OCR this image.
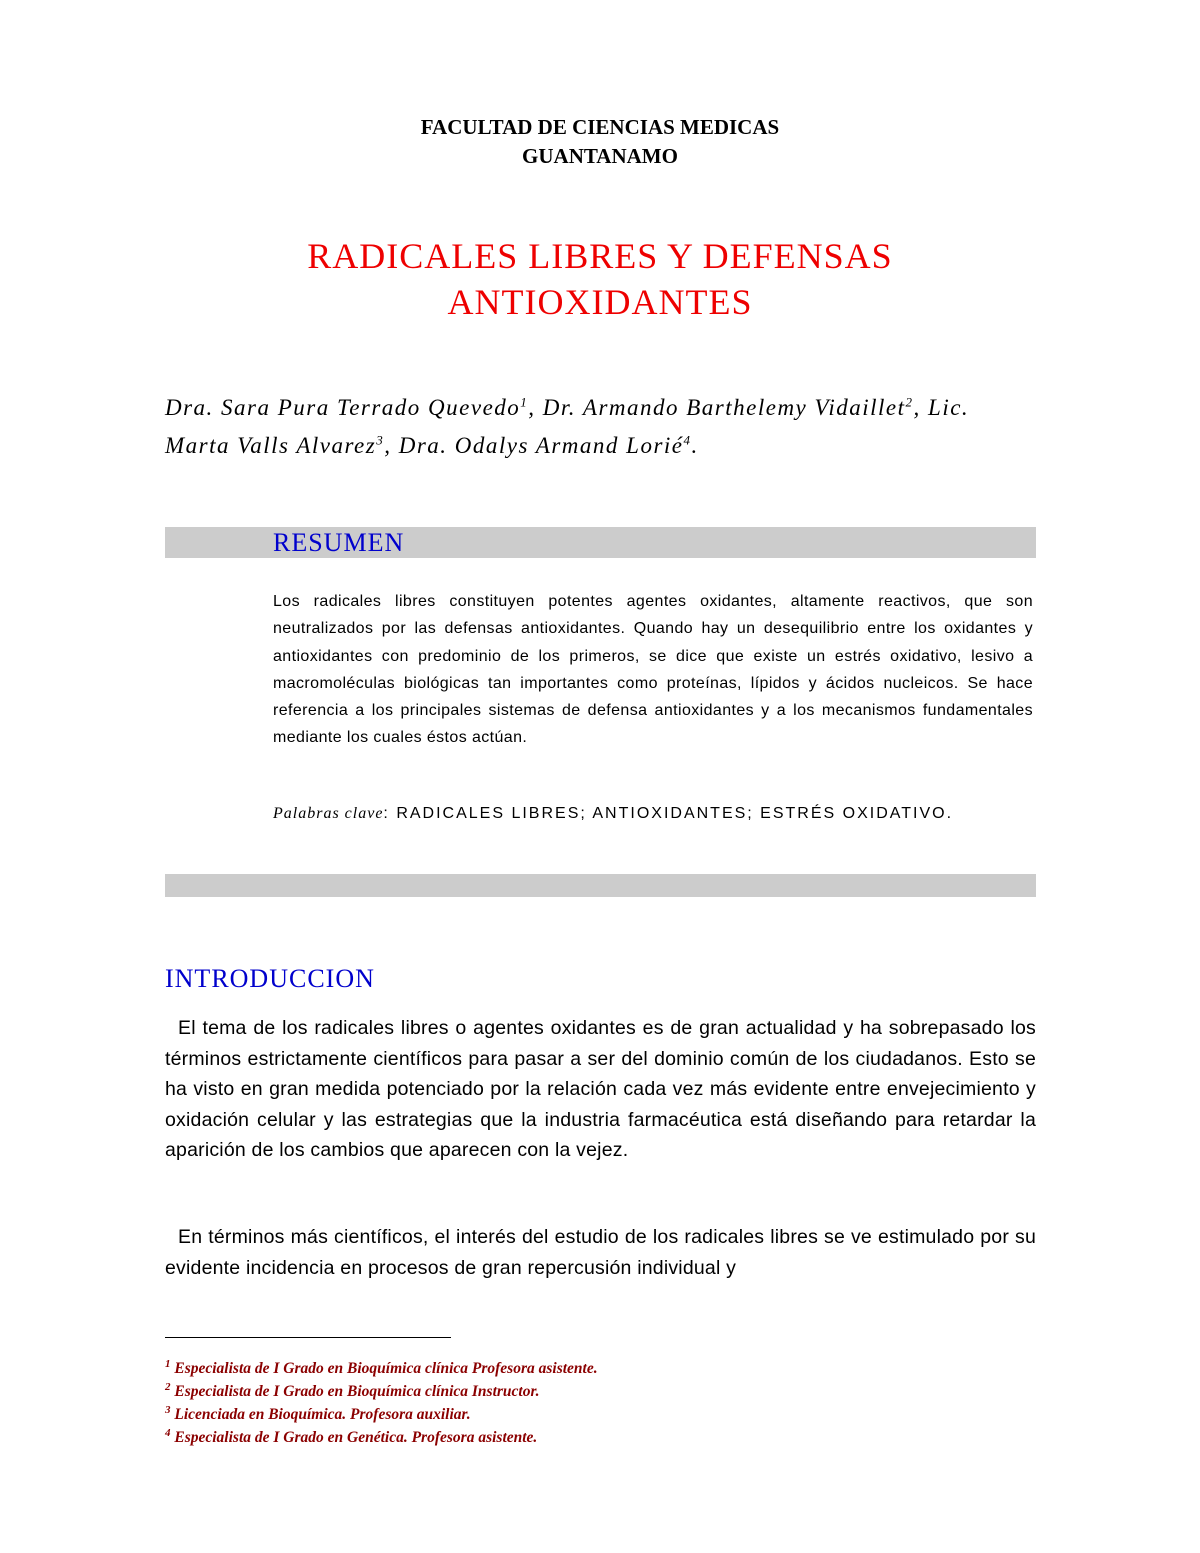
FACULTAD DE CIENCIAS MEDICAS
GUANTANAMO
RADICALES LIBRES Y DEFENSAS
ANTIOXIDANTES
Dra. Sara Pura Terrado Quevedo$^1$, Dr. Armando Barthelemy Vidaillet$^2$, Lic. Marta Valls Alvarez$^3$, Dra. Odalys Armand Lorié$^4$.
RESUMEN
Los radicales libres constituyen potentes agentes oxidantes, altamente reactivos, que son neutralizados por las defensas antioxidantes. Quando hay un desequilibrio entre los oxidantes y antioxidantes con predominio de los primeros, se dice que existe un estrés oxidativo, lesivo a macromoléculas biológicas tan importantes como proteínas, lípidos y ácidos nucleicos. Se hace referencia a los principales sistemas de defensa antioxidantes y a los mecanismos fundamentales mediante los cuales éstos actúan.
Palabras clave: RADICALES LIBRES; ANTIOXIDANTES; ESTRÉS OXIDATIVO.
INTRODUCCION
El tema de los radicales libres o agentes oxidantes es de gran actualidad y ha sobrepasado los términos estrictamente científicos para pasar a ser del dominio común de los ciudadanos. Esto se ha visto en gran medida potenciado por la relación cada vez más evidente entre envejecimiento y oxidación celular y las estrategias que la industria farmacéutica está diseñando para retardar la aparición de los cambios que aparecen con la vejez.
En términos más científicos, el interés del estudio de los radicales libres se ve estimulado por su evidente incidencia en procesos de gran repercusión individual y
$^1$ Especialista de I Grado en Bioquímica clínica Profesora asistente.
$^2$ Especialista de I Grado en Bioquímica clínica Instructor.
$^3$ Licenciada en Bioquímica. Profesora auxiliar.
$^4$ Especialista de I Grado en Genética. Profesora asistente.
